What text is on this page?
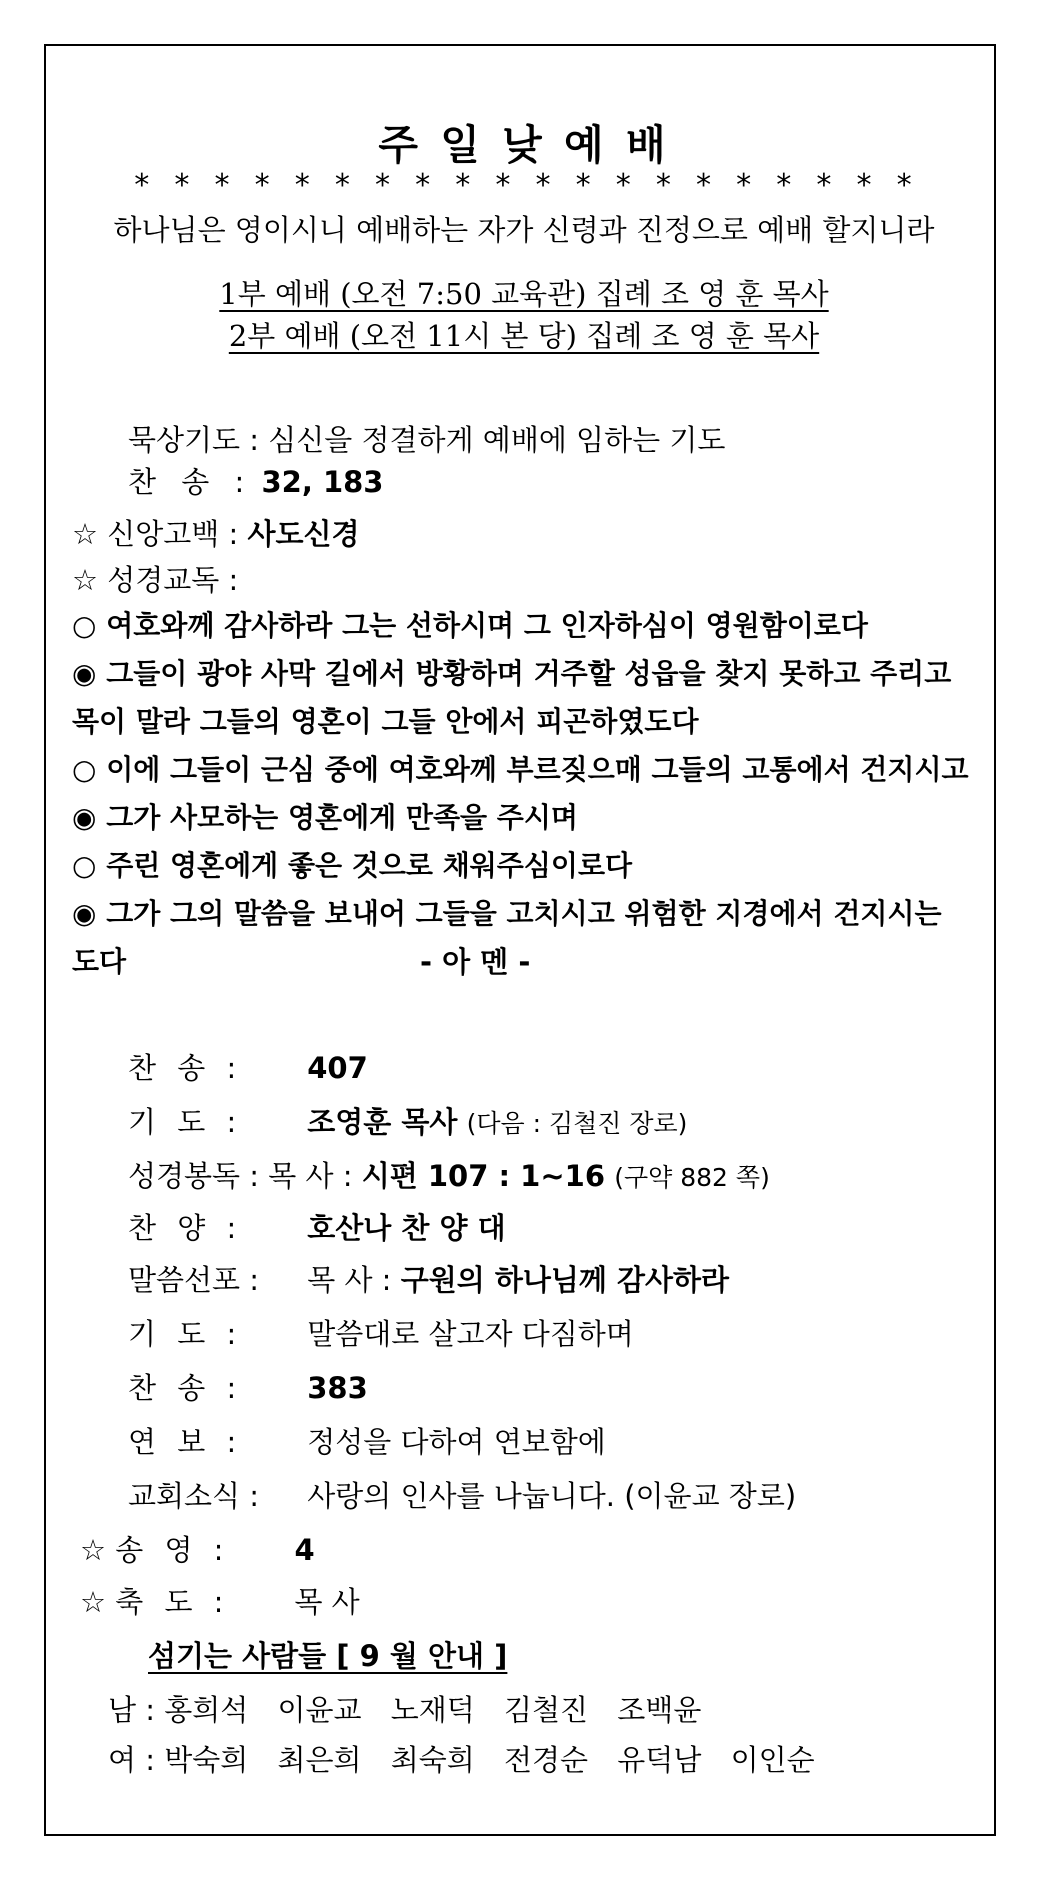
주 일 낮 예 배
* * * * * * * * * * * * * * * * * * * *
하나님은 영이시니 예배하는 자가 신령과 진정으로 예배 할지니라
1부 예배 (오전 7:50 교육관) 집례 조 영 훈 목사
2부 예배 (오전 11시 본 당) 집례 조 영 훈 목사
묵상기도 : 심신을 정결하게 예배에 임하는 기도
찬 송 : 32, 183
☆ 신앙고백 : 사도신경
☆ 성경교독 :
○ 여호와께 감사하라 그는 선하시며 그 인자하심이 영원함이로다
◉ 그들이 광야 사막 길에서 방황하며 거주할 성읍을 찾지 못하고 주리고
목이 말라 그들의 영혼이 그들 안에서 피곤하였도다
○ 이에 그들이 근심 중에 여호와께 부르짖으매 그들의 고통에서 건지시고
◉ 그가 사모하는 영혼에게 만족을 주시며
○ 주린 영혼에게 좋은 것으로 채워주심이로다
◉ 그가 그의 말씀을 보내어 그들을 고치시고 위험한 지경에서 건지시는
도다	- 아 멘 -
찬 송 : 407
기 도 : 조영훈 목사 (다음 : 김철진 장로)
성경봉독 : 목 사 : 시편 107 : 1~16 (구약 882 쪽)
찬 양 : 호산나 찬 양 대
말씀선포 : 목 사 : 구원의 하나님께 감사하라
기 도 : 말씀대로 살고자 다짐하며
찬 송 : 383
연 보 : 정성을 다하여 연보함에
교회소식 : 사랑의 인사를 나눕니다. (이윤교 장로)
☆ 송 영 : 4
☆ 축 도 : 목 사
섬기는 사람들 [ 9 월 안내 ]
남 : 홍희석 이윤교 노재덕 김철진 조백윤
여 : 박숙희 최은희 최숙희 전경순 유덕남 이인순
